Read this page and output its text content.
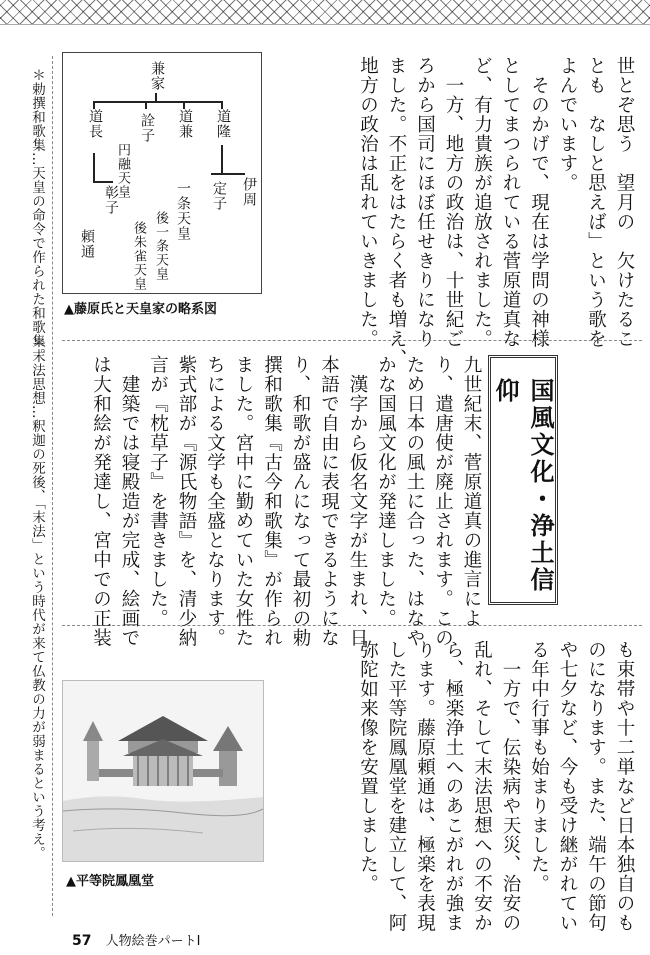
世とぞ思う　望月の　欠けたるこ
とも　なしと思えば」という歌を
よんでいます。
　そのかげで、現在は学問の神様
としてまつられている菅原道真な
ど、有力貴族が追放されました。
　一方、地方の政治は、十世紀ご
ろから国司にほぼ任せきりになり
ました。不正をはたらく者も増え、
地方の政治は乱れていきました。
兼家
道隆
道兼
詮子
道長
円融天皇	伊周
定子
一条天皇
彰子
頼通	後一条天皇
後朱雀天皇
▲藤原氏と天皇家の略系図
＊勅撰和歌集…天皇の命令で作られた和歌集。
＊末法思想…釈迦の死後、「末法」という時代が来て仏教の力が弱まるという考え。	国風文化・浄土信仰
九世紀末、菅原道真の進言によ
り、遣唐使が廃止されます。この
ため日本の風土に合った、はなや
かな国風文化が発達しました。
　漢字から仮名文字が生まれ、日
本語で自由に表現できるようにな
り、和歌が盛んになって最初の勅
撰和歌集『古今和歌集』が作られ
ました。宮中に勤めていた女性た
ちによる文学も全盛となります。
紫式部が『源氏物語』を、清少納
言が『枕草子』を書きました。
　建築では寝殿造が完成、絵画で
は大和絵が発達し、宮中での正装
も束帯や十二単など日本独自のも
のになります。また、端午の節句
や七夕など、今も受け継がれてい
る年中行事も始まりました。
　一方で、伝染病や天災、治安の
乱れ、そして末法思想への不安か
ら、極楽浄土へのあこがれが強ま
ります。藤原頼通は、極楽を表現
した平等院鳳凰堂を建立して、阿
弥陀如来像を安置しました。
▲平等院鳳凰堂
57 人物絵巻パートⅠ
